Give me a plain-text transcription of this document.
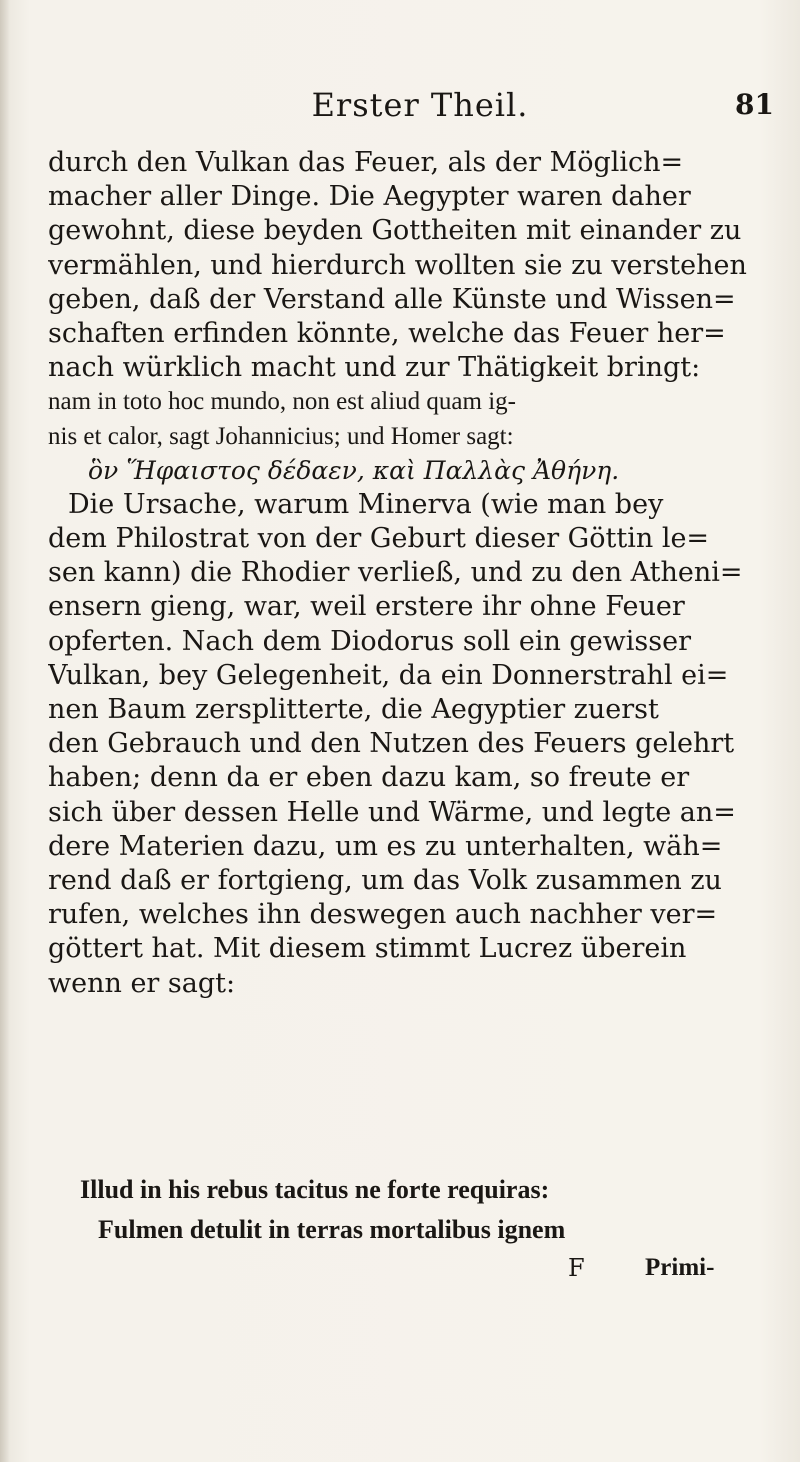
Erster Theil.	81
durch den Vulkan das Feuer, als der Möglich=
macher aller Dinge. Die Aegypter waren daher
gewohnt, diese beyden Gottheiten mit einander zu
vermählen, und hierdurch wollten sie zu verstehen
geben, daß der Verstand alle Künste und Wissen=
schaften erfinden könnte, welche das Feuer her=
nach würklich macht und zur Thätigkeit bringt:
nam in toto hoc mundo, non est aliud quam ig-
nis et calor, sagt Johannicius; und Homer sagt:
ὃν Ἥφαιστος δέδαεν, καὶ Παλλὰς Ἀθήνη.
Die Ursache, warum Minerva (wie man bey
dem Philostrat von der Geburt dieser Göttin le=
sen kann) die Rhodier verließ, und zu den Atheni=
ensern gieng, war, weil erstere ihr ohne Feuer
opferten. Nach dem Diodorus soll ein gewisser
Vulkan, bey Gelegenheit, da ein Donnerstrahl ei=
nen Baum zersplitterte, die Aegyptier zuerst
den Gebrauch und den Nutzen des Feuers gelehrt
haben; denn da er eben dazu kam, so freute er
sich über dessen Helle und Wärme, und legte an=
dere Materien dazu, um es zu unterhalten, wäh=
rend daß er fortgieng, um das Volk zusammen zu
rufen, welches ihn deswegen auch nachher ver=
göttert hat. Mit diesem stimmt Lucrez überein
wenn er sagt:
Illud in his rebus tacitus ne forte requiras:
Fulmen detulit in terras mortalibus ignem
F Primi-
